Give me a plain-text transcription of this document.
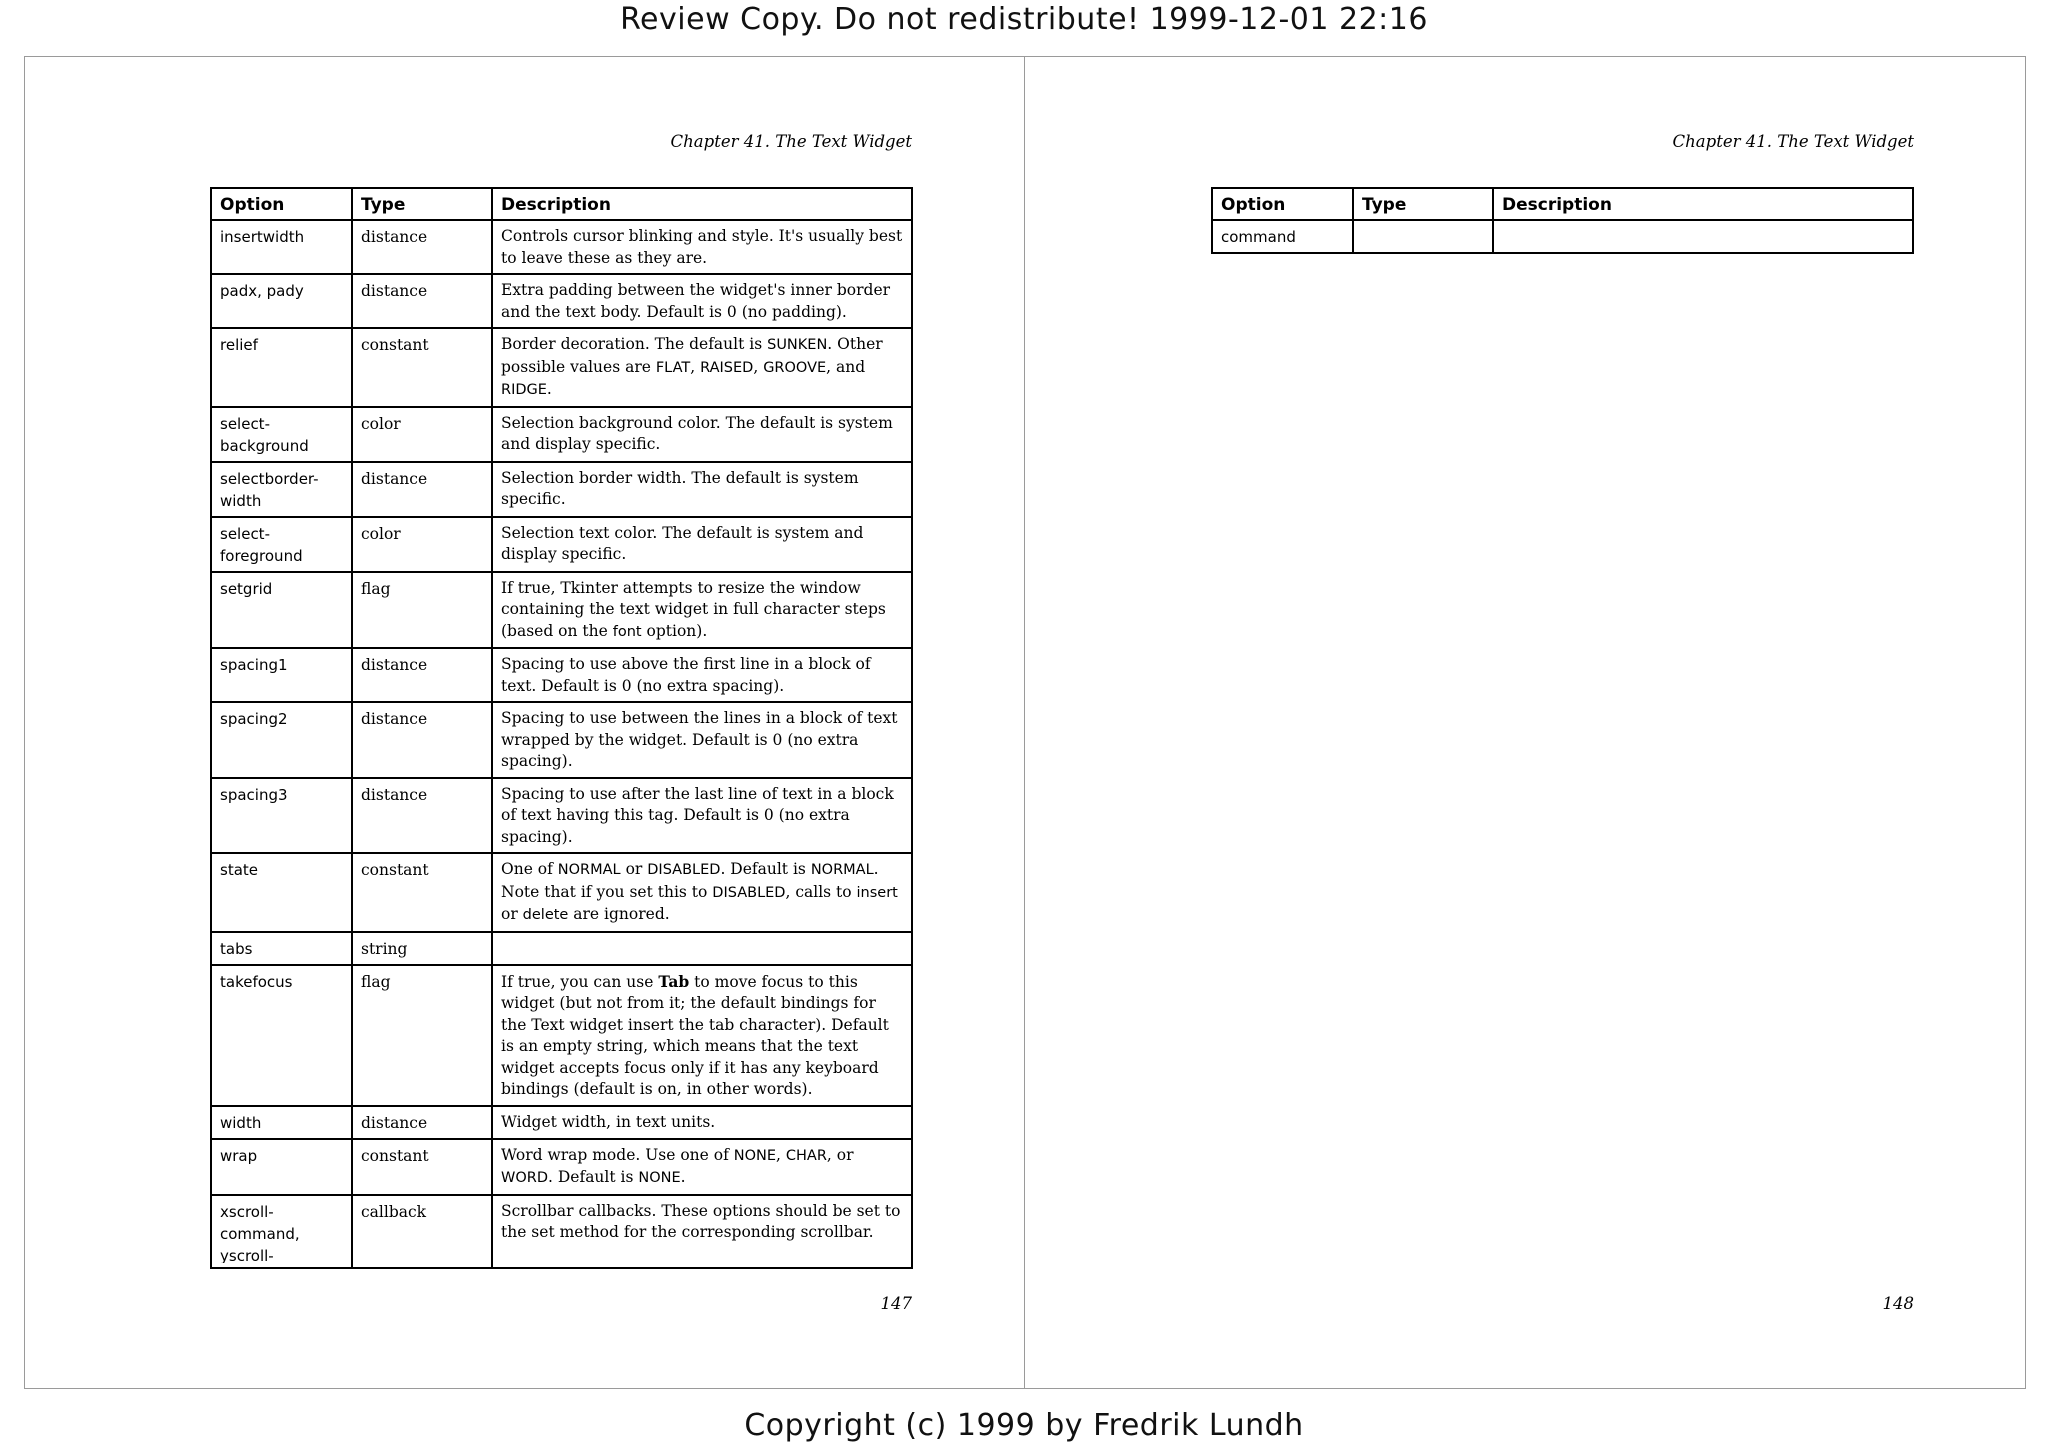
Review Copy. Do not redistribute! 1999-12-01 22:16
Chapter 41. The Text Widget
Option	Type	Description

insertwidth	distance	Controls cursor blinking and style. It's usually best to leave these as they are.

padx, pady	distance	Extra padding between the widget's inner border and the text body. Default is 0 (no padding).

relief	constant	Border decoration. The default is SUNKEN. Other possible values are FLAT, RAISED, GROOVE, and RIDGE.

select-background	color	Selection background color. The default is system and display specific.

selectborder-width	distance	Selection border width. The default is system specific.

select-foreground	color	Selection text color. The default is system and display specific.

setgrid	flag	If true, Tkinter attempts to resize the window containing the text widget in full character steps (based on the font option).

spacing1	distance	Spacing to use above the first line in a block of text. Default is 0 (no extra spacing).

spacing2	distance	Spacing to use between the lines in a block of text wrapped by the widget. Default is 0 (no extra spacing).

spacing3	distance	Spacing to use after the last line of text in a block of text having this tag. Default is 0 (no extra spacing).

state	constant	One of NORMAL or DISABLED. Default is NORMAL. Note that if you set this to DISABLED, calls to insert or delete are ignored.

tabs	string	

takefocus	flag	If true, you can use Tab to move focus to this widget (but not from it; the default bindings for the Text widget insert the tab character). Default is an empty string, which means that the text widget accepts focus only if it has any keyboard bindings (default is on, in other words).

width	distance	Widget width, in text units.

wrap	constant	Word wrap mode. Use one of NONE, CHAR, or WORD. Default is NONE.

xscroll-command, yscroll-	callback	Scrollbar callbacks. These options should be set to the set method for the corresponding scrollbar.
147
Chapter 41. The Text Widget
Option	Type	Description

command		

148
Copyright (c) 1999 by Fredrik Lundh
